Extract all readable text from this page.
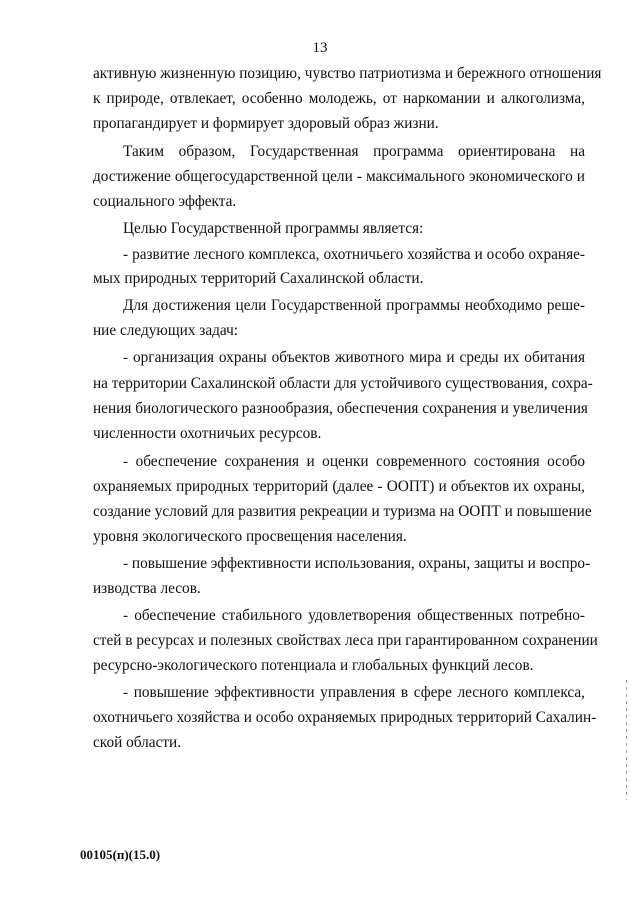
13
активную жизненную позицию, чувство патриотизма и бережного отношения
к природе, отвлекает, особенно молодежь, от наркомании и алкоголизма,
пропагандирует и формирует здоровый образ жизни.
Таким образом, Государственная программа ориентирована на
достижение общегосударственной цели - максимального экономического и
социального эффекта.
Целью Государственной программы является:
- развитие лесного комплекса, охотничьего хозяйства и особо охраняе-
мых природных территорий Сахалинской области.
Для достижения цели Государственной программы необходимо реше-
ние следующих задач:
- организация охраны объектов животного мира и среды их обитания
на территории Сахалинской области для устойчивого существования, сохра-
нения биологического разнообразия, обеспечения сохранения и увеличения
численности охотничьих ресурсов.
- обеспечение сохранения и оценки современного состояния особо
охраняемых природных территорий (далее - ООПТ) и объектов их охраны,
создание условий для развития рекреации и туризма на ООПТ и повышение
уровня экологического просвещения населения.
- повышение эффективности использования, охраны, защиты и воспро-
изводства лесов.
- обеспечение стабильного удовлетворения общественных потребно-
стей в ресурсах и полезных свойствах леса при гарантированном сохранении
ресурсно-экологического потенциала и глобальных функций лесов.
- повышение эффективности управления в сфере лесного комплекса,
охотничьего хозяйства и особо охраняемых природных территорий Сахалин-
ской области.
00105(п)(15.0)
